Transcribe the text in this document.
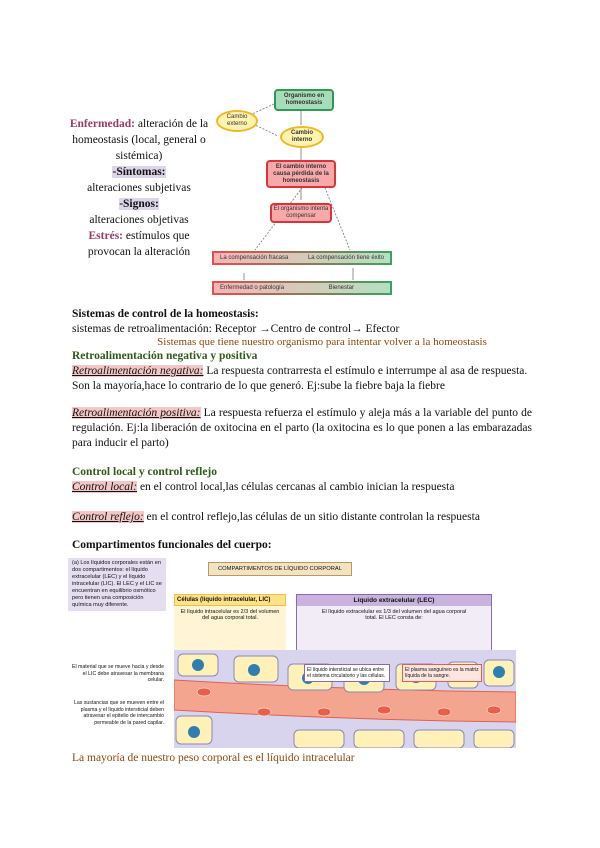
Enfermedad: alteración de la homeostasis (local, general o sistémica)
-Síntomas:
alteraciones subjetivas
-Signos:
alteraciones objetivas
Estrés: estímulos que provocan la alteración
Organismo en homeostasis
Cambio externo
Cambio interno
El cambio interno causa pérdida de la homeostasis
El organismo intenta compensar
La compensación fracasa	La compensación tiene éxito
Enfermedad o patología	Bienestar
Sistemas de control de la homeostasis:
sistemas de retroalimentación: Receptor →Centro de control→ Efector
Sistemas que tiene nuestro organismo para intentar volver a la homeostasis
Retroalimentación negativa y positiva
Retroalimentación negativa: La respuesta contrarresta el estímulo e interrumpe al asa de respuesta. Son la mayoría,hace lo contrario de lo que generó. Ej:sube la fiebre baja la fiebre
Retroalimentación positiva: La respuesta refuerza el estímulo y aleja más a la variable del punto de regulación. Ej:la liberación de oxitocina en el parto (la oxitocina es lo que ponen a las embarazadas para inducir el parto)
Control local y control reflejo
Control local: en el control local,las células cercanas al cambio inician la respuesta
Control reflejo: en el control reflejo,las células de un sitio distante controlan la respuesta
Compartimentos funcionales del cuerpo:
(a) Los líquidos corporales están en dos compartimentos: el líquido extracelular (LEC) y el líquido intracelular (LIC). El LEC y el LIC se encuentran en equilibrio osmótico pero tienen una composición química muy diferente.
COMPARTIMENTOS DE LÍQUIDO CORPORAL
Células (líquido intracelular, LIC)
El líquido intracelular es 2/3 del volumen del agua corporal total.
Líquido extracelular (LEC)
El líquido extracelular es 1/3 del volumen del agua corporal total. El LEC consta de:
El líquido intersticial se ubica entre el sistema circulatorio y las células.
El plasma sanguíneo es la matriz líquida de la sangre.
El material que se mueve hacia y desde el LIC debe atravesar la membrana celular.
Las sustancias que se mueven entre el plasma y el líquido intersticial deben atravesar el epitelio de intercambio permeable de la pared capilar.
La mayoría de nuestro peso corporal es el líquido intracelular
